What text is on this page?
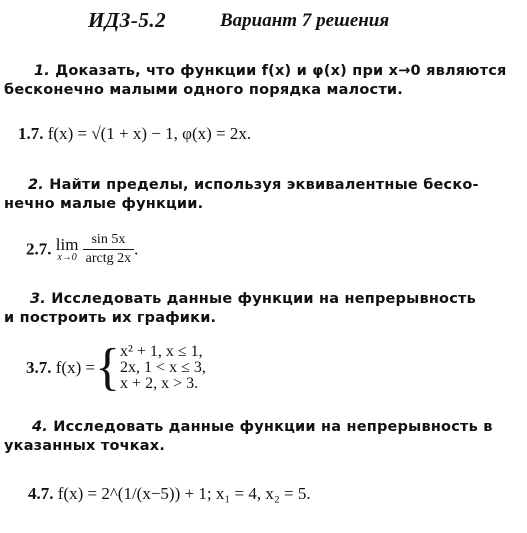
ИДЗ-5.2	Вариант 7 решения
1. Доказать, что функции f(x) и φ(x) при x→0 являются
бесконечно малыми одного порядка малости.
1.7. f(x) = √(1 + x) − 1, φ(x) = 2x.
2. Найти пределы, используя эквивалентные беско-
нечно малые функции.
2.7. lim
x→0
$\frac{\sin 5x}{\text{arctg 2x}}$ .
3. Исследовать данные функции на непрерывность
и построить их графики.
3.7. f(x) ={ x² + 1, x ≤ 1,
2x, 1 < x ≤ 3,
x + 2, x > 3.
4. Исследовать данные функции на непрерывность в
указанных точках.
4.7. f(x) = 2^(1/(x−5)) + 1; x₁ = 4, x₂ = 5.
